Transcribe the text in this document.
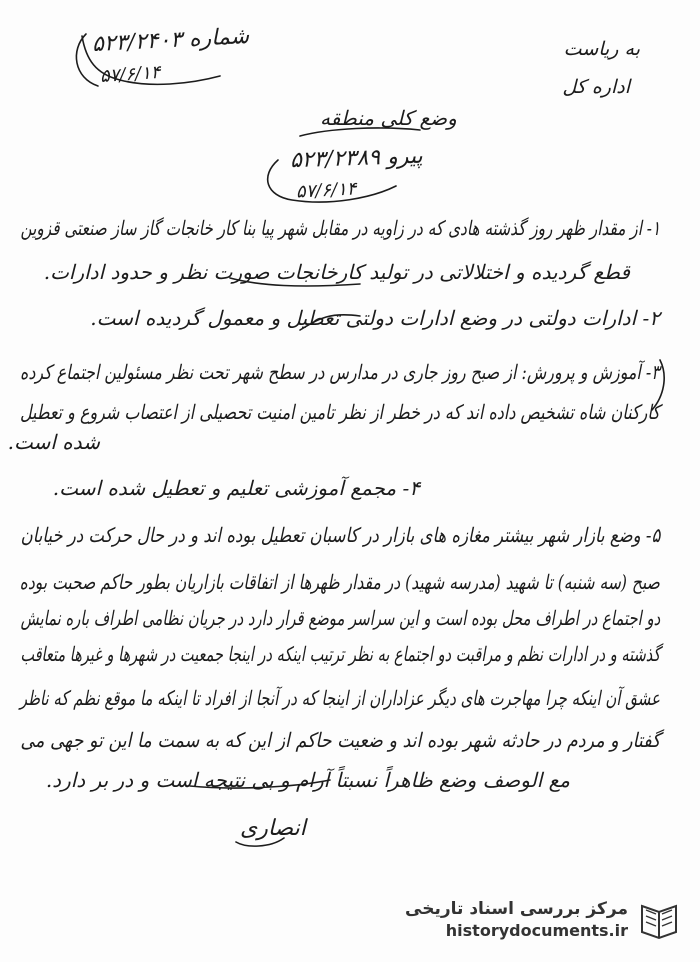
شماره ۵۲۳/۲۴۰۳
۵۷/۶/۱۴
به ریاست
اداره کل
وضع کلی منطقه
پیرو ۵۲۳/۲۳۸۹
۵۷/۶/۱۴
۱- از مقدار ظهر روز گذشته هادی که در زاویه در مقابل شهر پیا بنا کار خانجات گاز ساز صنعتی قزوین
قطع گردیده و اختلالاتی در تولید کارخانجات صورت نظر و حدود ادارات.
۲- ادارات دولتی در وضع ادارات دولتی تعطیل و معمول گردیده است.
۳- آموزش و پرورش: از صبح روز جاری در مدارس در سطح شهر تحت نظر مسئولین اجتماع کرده
کارکنان شاه تشخیص داده اند که در خطر از نظر تامین امنیت تحصیلی از اعتصاب شروع و تعطیل
شده است.
۴- مجمع آموزشی تعلیم و تعطیل شده است.
۵- وضع بازار شهر بیشتر مغازه های بازار در کاسبان تعطیل بوده اند و در حال حرکت در خیابان
صبح (سه شنبه) تا شهید (مدرسه شهید) در مقدار ظهرها از اتفاقات بازاریان بطور حاکم صحبت بوده
دو اجتماع در اطراف محل بوده است و این سراسر موضع قرار دارد در جریان نظامی اطراف باره نمایش
گذشته و در ادارات نظم و مراقبت دو اجتماع به نظر ترتیب اینکه در اینجا جمعیت در شهرها و غیرها متعاقب
عشق آن اینکه چرا مهاجرت های دیگر عزاداران از اینجا که در آنجا از افراد تا اینکه ما موقع نظم که ناظر
گفتار و مردم در حادثه شهر بوده اند و ضعیت حاکم از این که به سمت ما این تو جهی می
مع الوصف وضع ظاهراً نسبتاً آرام و بی نتیجه است و در بر دارد.
انصاری
مرکز بررسی اسناد تاریخی
historydocuments.ir
